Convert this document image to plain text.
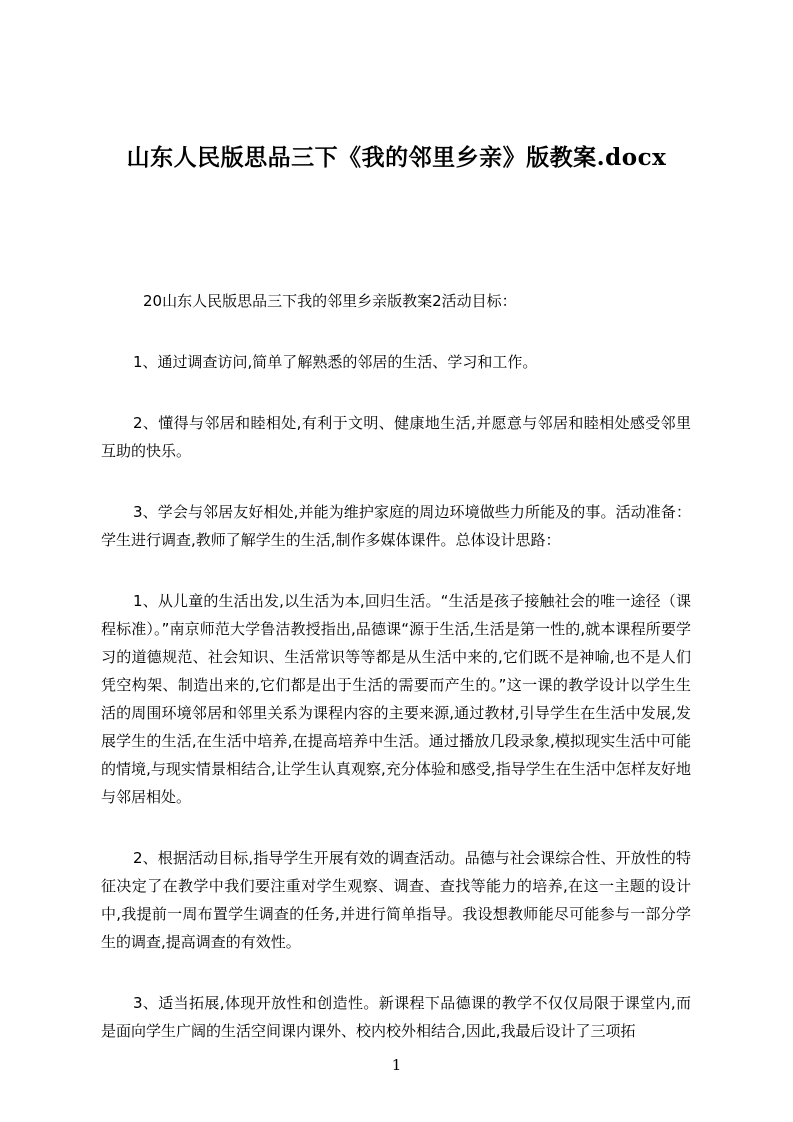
山东人民版思品三下《我的邻里乡亲》版教案.docx

20山东人民版思品三下我的邻里乡亲版教案2活动目标：

1、通过调查访问,简单了解熟悉的邻居的生活、学习和工作。

2、懂得与邻居和睦相处,有利于文明、健康地生活,并愿意与邻居和睦相处感受邻里互助的快乐。

3、学会与邻居友好相处,并能为维护家庭的周边环境做些力所能及的事。活动准备：学生进行调查,教师了解学生的生活,制作多媒体课件。总体设计思路：

1、从儿童的生活出发,以生活为本,回归生活。“生活是孩子接触社会的唯一途径（课程标准）。”南京师范大学鲁洁教授指出,品德课“源于生活,生活是第一性的,就本课程所要学习的道德规范、社会知识、生活常识等等都是从生活中来的,它们既不是神喻,也不是人们凭空构架、制造出来的,它们都是出于生活的需要而产生的。”这一课的教学设计以学生生活的周围环境邻居和邻里关系为课程内容的主要来源,通过教材,引导学生在生活中发展,发展学生的生活,在生活中培养,在提高培养中生活。通过播放几段录象,模拟现实生活中可能的情境,与现实情景相结合,让学生认真观察,充分体验和感受,指导学生在生活中怎样友好地与邻居相处。

2、根据活动目标,指导学生开展有效的调查活动。品德与社会课综合性、开放性的特征决定了在教学中我们要注重对学生观察、调查、查找等能力的培养,在这一主题的设计中,我提前一周布置学生调查的任务,并进行简单指导。我设想教师能尽可能参与一部分学生的调查,提高调查的有效性。

3、适当拓展,体现开放性和创造性。新课程下品德课的教学不仅仅局限于课堂内,而是面向学生广阔的生活空间课内课外、校内校外相结合,因此,我最后设计了三项拓

1
